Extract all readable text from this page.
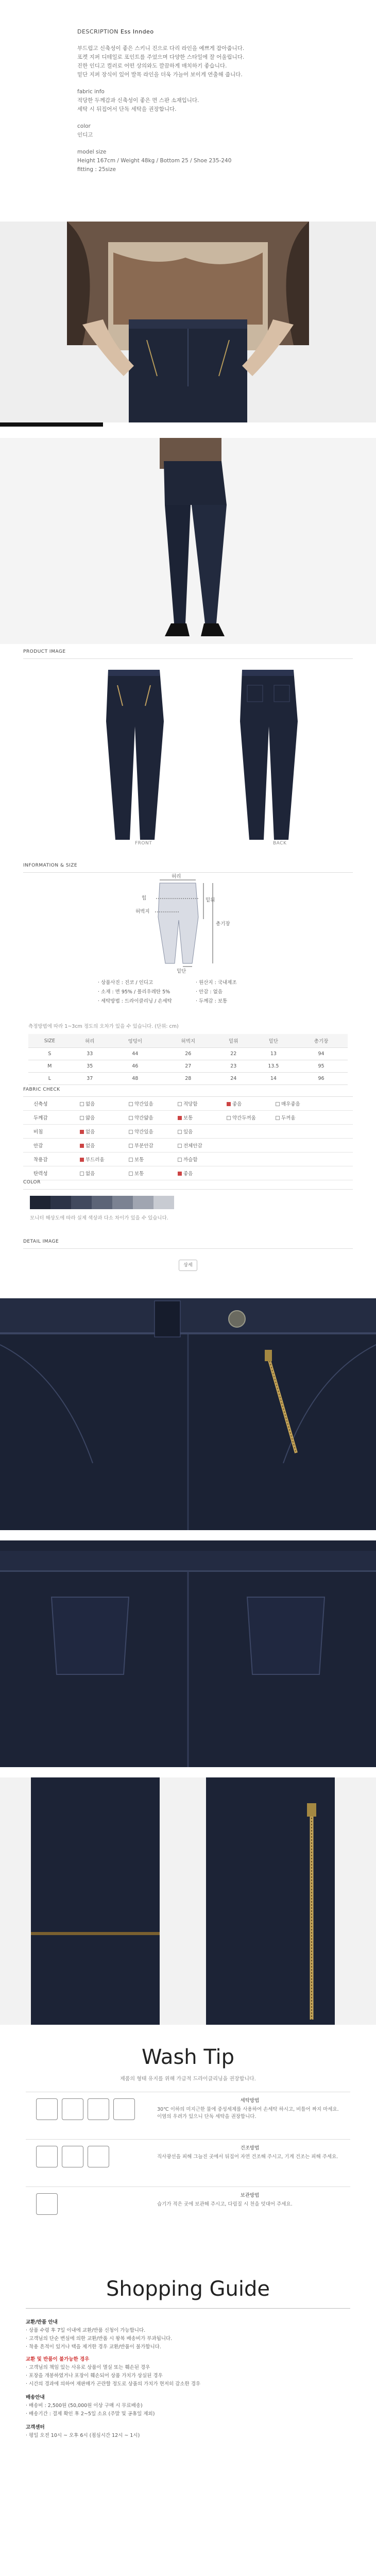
DESCRIPTION Ess Inndeo

부드럽고 신축성이 좋은 스키니 진으로 다리 라인을 예쁘게 잡아줍니다.

포켓 지퍼 디테일로 포인트를 주었으며 다양한 스타일에 잘 어울립니다.

진한 인디고 컬러로 어떤 상의와도 깔끔하게 매치하기 좋습니다.

밑단 지퍼 장식이 있어 발목 라인을 더욱 가늘어 보이게 연출해 줍니다.

fabric info

적당한 두께감과 신축성이 좋은 면 스판 소재입니다.

세탁 시 뒤집어서 단독 세탁을 권장합니다.

color

인디고

model size

Height 167cm / Weight 48kg / Bottom 25 / Shoe 235-240

fitting : 25size

PRODUCT IMAGE
FRONT	BACK
INFORMATION & SIZE
허리
힙
허벅지
밑위
밑단
총기장
· 상품사진 : 진코 / 인디고	· 원산지 : 국내제조
· 소재 : 면 95% / 폴리우레탄 5%	· 안감 : 없음
· 세탁방법 : 드라이클리닝 / 손세탁	· 두께감 : 보통
측정방법에 따라 1~3cm 정도의 오차가 있을 수 있습니다. (단위: cm)
SIZE	허리	엉덩이	허벅지	밑위	밑단	총기장
S	33	44	26	22	13	94
M	35	46	27	23	13.5	95
L	37	48	28	24	14	96
FABRIC CHECK
신축성	없음	약간있음	적당함	좋음	매우좋음
두께감	얇음	약간얇음	보통	약간두꺼움	두꺼움
비침	없음	약간있음	있음
안감	없음	부분안감	전체안감
착용감	부드러움	보통	까슬함
탄력성	없음	보통	좋음
COLOR
모니터 해상도에 따라 실제 색상과 다소 차이가 있을 수 있습니다.
DETAIL IMAGE
상세
Wash Tip
제품의 형태 유지를 위해 가급적 드라이클리닝을 권장합니다.
세탁방법
30℃ 이하의 미지근한 물에 중성세제를 사용하여 손세탁 하시고, 비틀어 짜지 마세요. 이염의 우려가 있으니 단독 세탁을 권장합니다.
건조방법
직사광선을 피해 그늘진 곳에서 뒤집어 자연 건조해 주시고, 기계 건조는 피해 주세요.
보관방법
습기가 적은 곳에 보관해 주시고, 다림질 시 천을 덧대어 주세요.
Shopping Guide
교환/반품 안내
· 상품 수령 후 7일 이내에 교환/반품 신청이 가능합니다.
· 고객님의 단순 변심에 의한 교환/반품 시 왕복 배송비가 부과됩니다.
· 착용 흔적이 있거나 택을 제거한 경우 교환/반품이 불가합니다.
교환 및 반품이 불가능한 경우
· 고객님의 책임 있는 사유로 상품이 멸실 또는 훼손된 경우
· 포장을 개봉하였거나 포장이 훼손되어 상품 가치가 상실된 경우
· 시간의 경과에 의하여 재판매가 곤란할 정도로 상품의 가치가 현저히 감소한 경우
배송안내
· 배송비 : 2,500원 (50,000원 이상 구매 시 무료배송)
· 배송기간 : 결제 확인 후 2~5일 소요 (주말 및 공휴일 제외)
고객센터
· 평일 오전 10시 ~ 오후 6시 (점심시간 12시 ~ 1시)
